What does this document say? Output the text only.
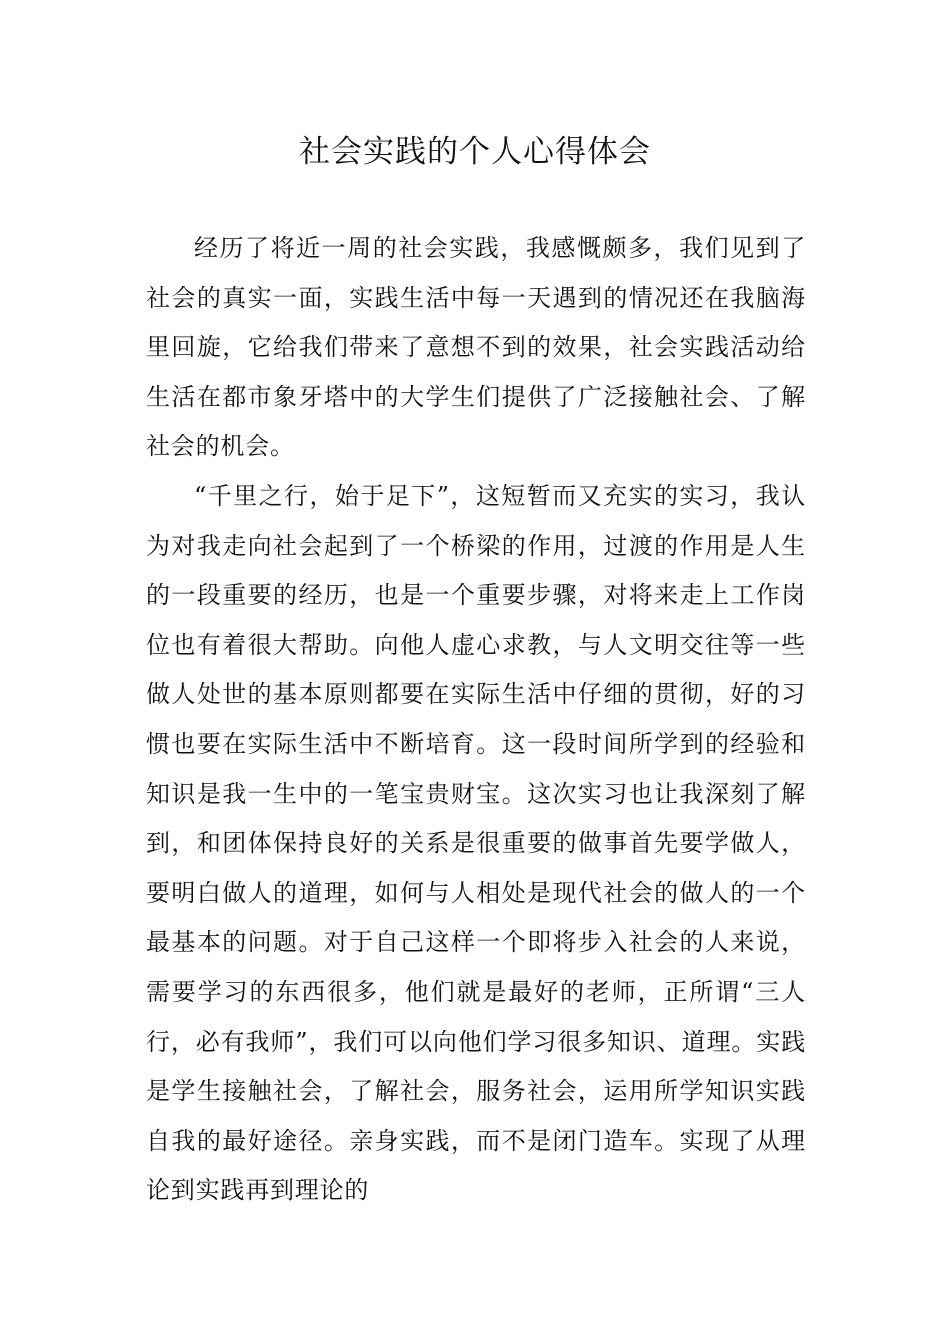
社会实践的个人心得体会

经历了将近一周的社会实践，我感慨颇多，我们见到了社会的真实一面，实践生活中每一天遇到的情况还在我脑海里回旋，它给我们带来了意想不到的效果，社会实践活动给生活在都市象牙塔中的大学生们提供了广泛接触社会、了解社会的机会。

“千里之行，始于足下”，这短暂而又充实的实习，我认为对我走向社会起到了一个桥梁的作用，过渡的作用是人生的一段重要的经历，也是一个重要步骤，对将来走上工作岗位也有着很大帮助。向他人虚心求教，与人文明交往等一些做人处世的基本原则都要在实际生活中仔细的贯彻，好的习惯也要在实际生活中不断培育。这一段时间所学到的经验和知识是我一生中的一笔宝贵财宝。这次实习也让我深刻了解到，和团体保持良好的关系是很重要的做事首先要学做人，要明白做人的道理，如何与人相处是现代社会的做人的一个最基本的问题。对于自己这样一个即将步入社会的人来说，需要学习的东西很多，他们就是最好的老师，正所谓“三人行，必有我师”，我们可以向他们学习很多知识、道理。实践是学生接触社会，了解社会，服务社会，运用所学知识实践自我的最好途径。亲身实践，而不是闭门造车。实现了从理论到实践再到理论的
